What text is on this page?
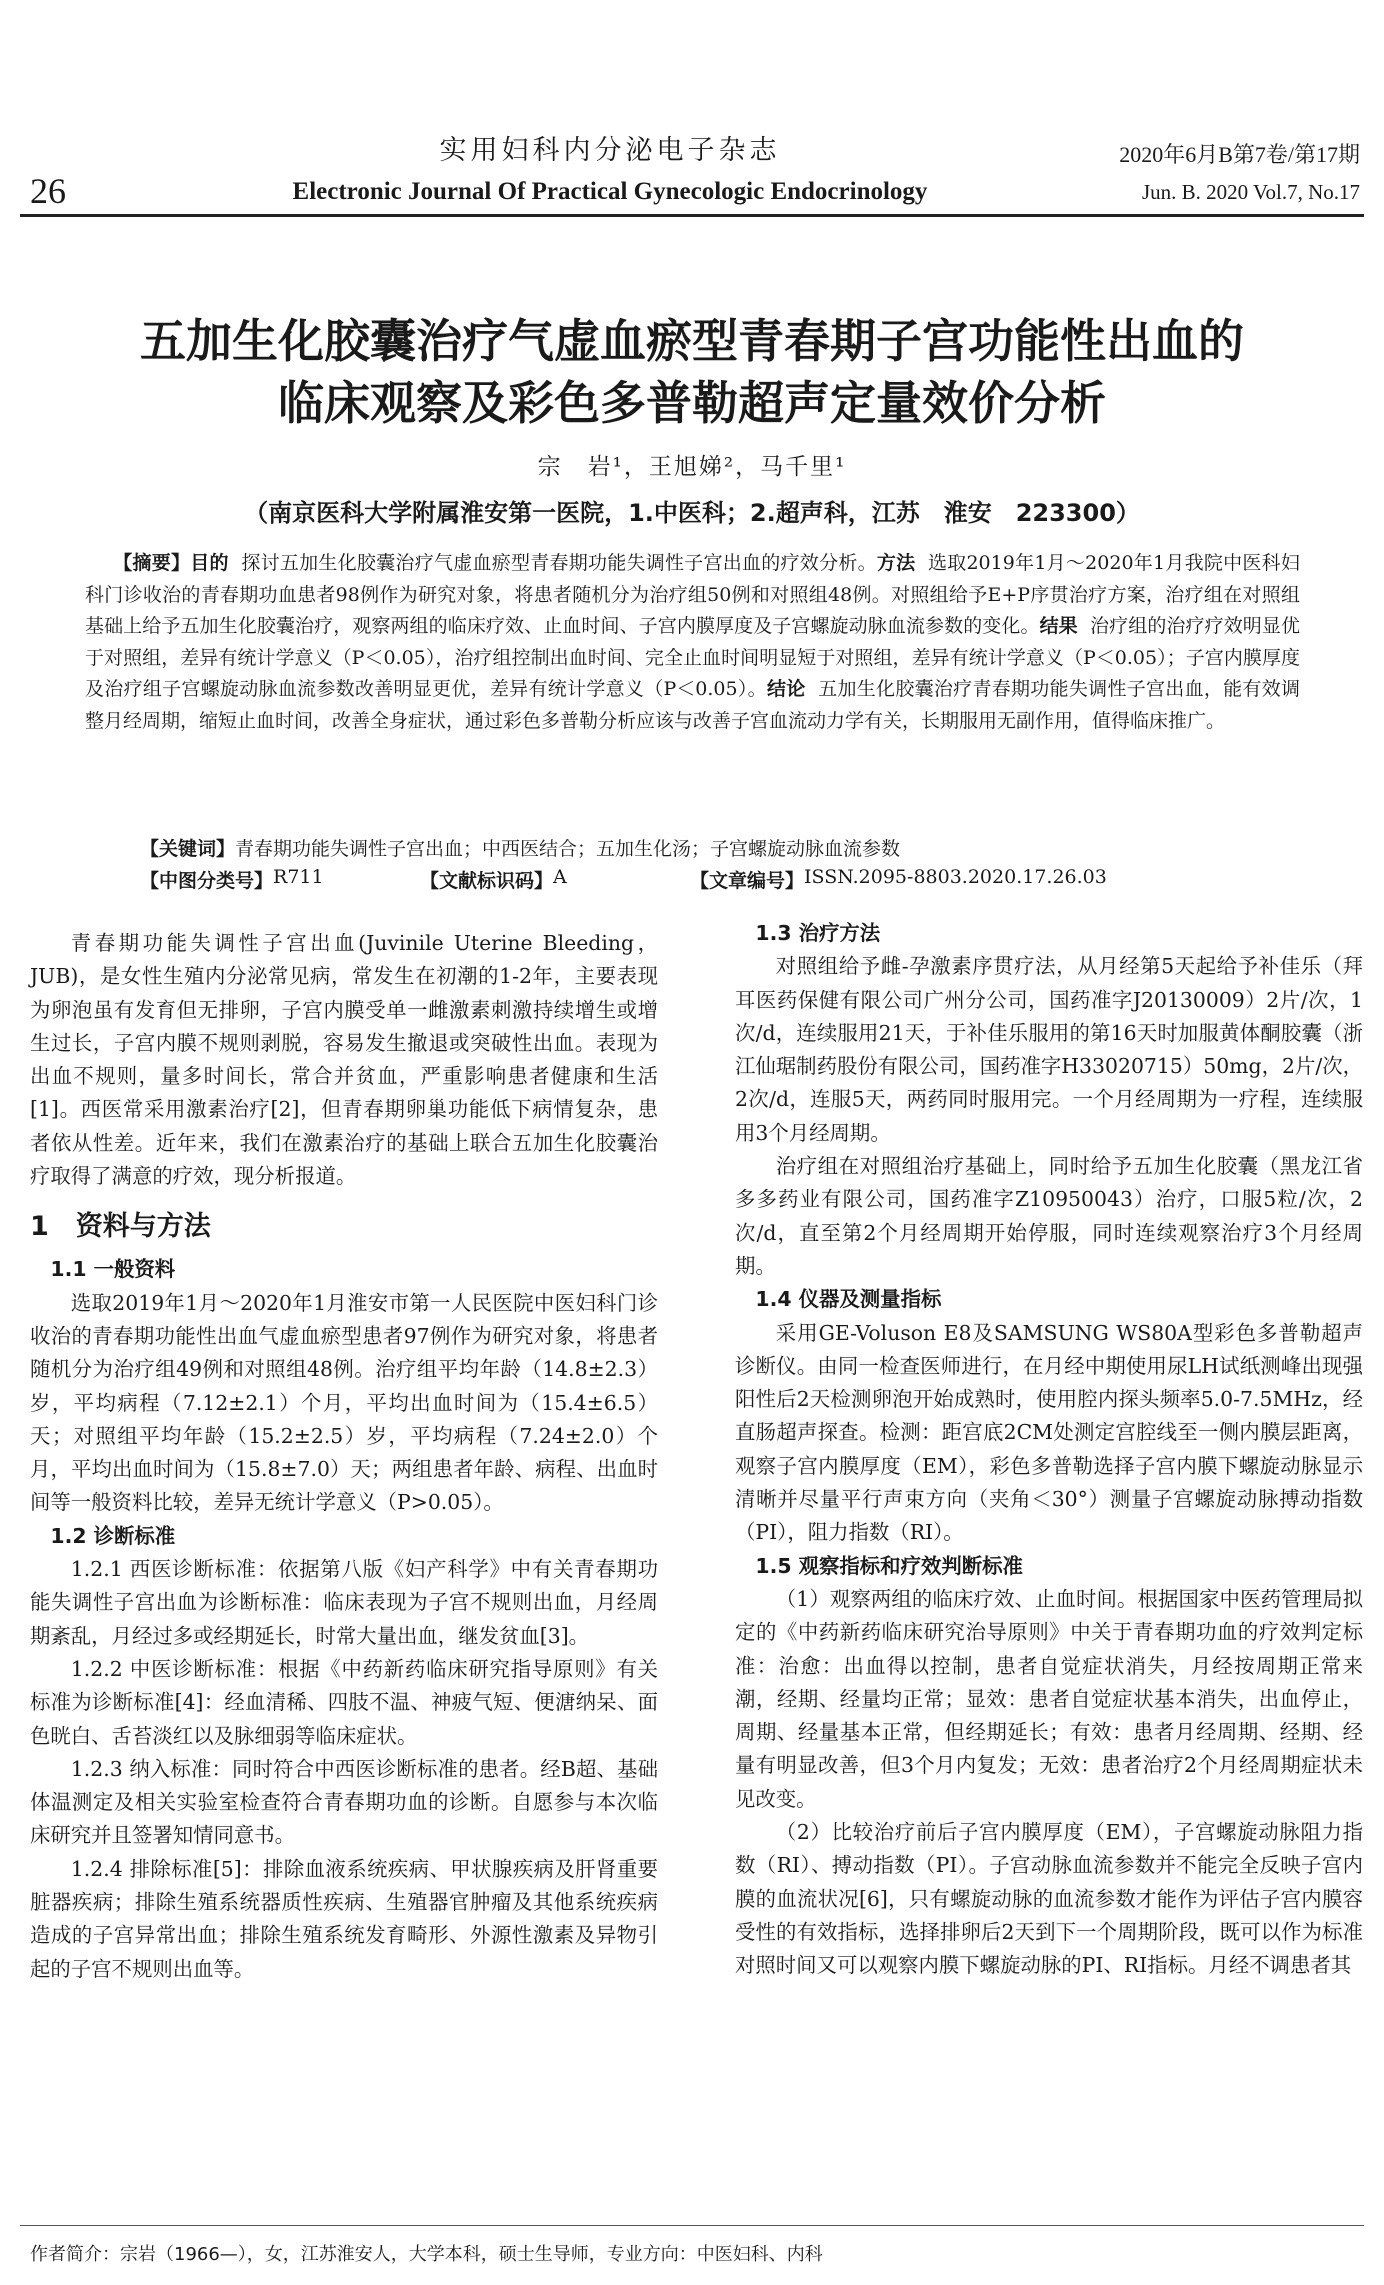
26
实用妇科内分泌电子杂志
Electronic Journal Of Practical Gynecologic Endocrinology
2020年6月B第7卷/第17期
Jun. B. 2020 Vol.7, No.17
五加生化胶囊治疗气虚血瘀型青春期子宫功能性出血的
临床观察及彩色多普勒超声定量效价分析
宗　岩¹，王旭娣²，马千里¹
（南京医科大学附属淮安第一医院，1.中医科；2.超声科，江苏　淮安　223300）
【摘要】目的 探讨五加生化胶囊治疗气虚血瘀型青春期功能失调性子宫出血的疗效分析。方法 选取2019年1月～2020年1月我院中医科妇科门诊收治的青春期功血患者98例作为研究对象，将患者随机分为治疗组50例和对照组48例。对照组给予E+P序贯治疗方案，治疗组在对照组基础上给予五加生化胶囊治疗，观察两组的临床疗效、止血时间、子宫内膜厚度及子宫螺旋动脉血流参数的变化。结果 治疗组的治疗疗效明显优于对照组，差异有统计学意义（P＜0.05），治疗组控制出血时间、完全止血时间明显短于对照组，差异有统计学意义（P＜0.05）；子宫内膜厚度及治疗组子宫螺旋动脉血流参数改善明显更优，差异有统计学意义（P＜0.05）。结论 五加生化胶囊治疗青春期功能失调性子宫出血，能有效调整月经周期，缩短止血时间，改善全身症状，通过彩色多普勒分析应该与改善子宫血流动力学有关，长期服用无副作用，值得临床推广。
【关键词】青春期功能失调性子宫出血；中西医结合；五加生化汤；子宫螺旋动脉血流参数
【中图分类号】 R711	【文献标识码】 A	【文章编号】 ISSN.2095-8803.2020.17.26.03

青春期功能失调性子宫出血(Juvinile Uterine Bleeding，JUB)，是女性生殖内分泌常见病，常发生在初潮的1-2年，主要表现为卵泡虽有发育但无排卵，子宫内膜受单一雌激素刺激持续增生或增生过长，子宫内膜不规则剥脱，容易发生撤退或突破性出血。表现为出血不规则，量多时间长，常合并贫血，严重影响患者健康和生活[1]。西医常采用激素治疗[2]，但青春期卵巢功能低下病情复杂，患者依从性差。近年来，我们在激素治疗的基础上联合五加生化胶囊治疗取得了满意的疗效，现分析报道。

1　资料与方法
1.1 一般资料

选取2019年1月～2020年1月淮安市第一人民医院中医妇科门诊收治的青春期功能性出血气虚血瘀型患者97例作为研究对象，将患者随机分为治疗组49例和对照组48例。治疗组平均年龄（14.8±2.3）岁，平均病程（7.12±2.1）个月，平均出血时间为（15.4±6.5）天；对照组平均年龄（15.2±2.5）岁，平均病程（7.24±2.0）个月，平均出血时间为（15.8±7.0）天；两组患者年龄、病程、出血时间等一般资料比较，差异无统计学意义（P>0.05）。

1.2 诊断标准

1.2.1 西医诊断标准：依据第八版《妇产科学》中有关青春期功能失调性子宫出血为诊断标准：临床表现为子宫不规则出血，月经周期紊乱，月经过多或经期延长，时常大量出血，继发贫血[3]。

1.2.2 中医诊断标准：根据《中药新药临床研究指导原则》有关标准为诊断标准[4]：经血清稀、四肢不温、神疲气短、便溏纳呆、面色晄白、舌苔淡红以及脉细弱等临床症状。

1.2.3 纳入标准：同时符合中西医诊断标准的患者。经B超、基础体温测定及相关实验室检查符合青春期功血的诊断。自愿参与本次临床研究并且签署知情同意书。

1.2.4 排除标准[5]：排除血液系统疾病、甲状腺疾病及肝肾重要脏器疾病；排除生殖系统器质性疾病、生殖器官肿瘤及其他系统疾病造成的子宫异常出血；排除生殖系统发育畸形、外源性激素及异物引起的子宫不规则出血等。

1.3 治疗方法

对照组给予雌-孕激素序贯疗法，从月经第5天起给予补佳乐（拜耳医药保健有限公司广州分公司，国药准字J20130009）2片/次，1次/d，连续服用21天，于补佳乐服用的第16天时加服黄体酮胶囊（浙江仙琚制药股份有限公司，国药准字H33020715）50mg，2片/次，2次/d，连服5天，两药同时服用完。一个月经周期为一疗程，连续服用3个月经周期。

治疗组在对照组治疗基础上，同时给予五加生化胶囊（黑龙江省多多药业有限公司，国药准字Z10950043）治疗，口服5粒/次，2次/d，直至第2个月经周期开始停服，同时连续观察治疗3个月经周期。

1.4 仪器及测量指标

采用GE-Voluson E8及SAMSUNG WS80A型彩色多普勒超声诊断仪。由同一检查医师进行，在月经中期使用尿LH试纸测峰出现强阳性后2天检测卵泡开始成熟时，使用腔内探头频率5.0-7.5MHz，经直肠超声探查。检测：距宫底2CM处测定宫腔线至一侧内膜层距离，观察子宫内膜厚度（EM），彩色多普勒选择子宫内膜下螺旋动脉显示清晰并尽量平行声束方向（夹角＜30°）测量子宫螺旋动脉搏动指数（PI），阻力指数（RI）。

1.5 观察指标和疗效判断标准

（1）观察两组的临床疗效、止血时间。根据国家中医药管理局拟定的《中药新药临床研究治导原则》中关于青春期功血的疗效判定标准：治愈：出血得以控制，患者自觉症状消失，月经按周期正常来潮，经期、经量均正常；显效：患者自觉症状基本消失，出血停止，周期、经量基本正常，但经期延长；有效：患者月经周期、经期、经量有明显改善，但3个月内复发；无效：患者治疗2个月经周期症状未见改变。

（2）比较治疗前后子宫内膜厚度（EM），子宫螺旋动脉阻力指数（RI）、搏动指数（PI）。子宫动脉血流参数并不能完全反映子宫内膜的血流状况[6]，只有螺旋动脉的血流参数才能作为评估子宫内膜容受性的有效指标，选择排卵后2天到下一个周期阶段，既可以作为标准对照时间又可以观察内膜下螺旋动脉的PI、RI指标。月经不调患者其

作者简介：宗岩（1966—），女，江苏淮安人，大学本科，硕士生导师，专业方向：中医妇科、内科
